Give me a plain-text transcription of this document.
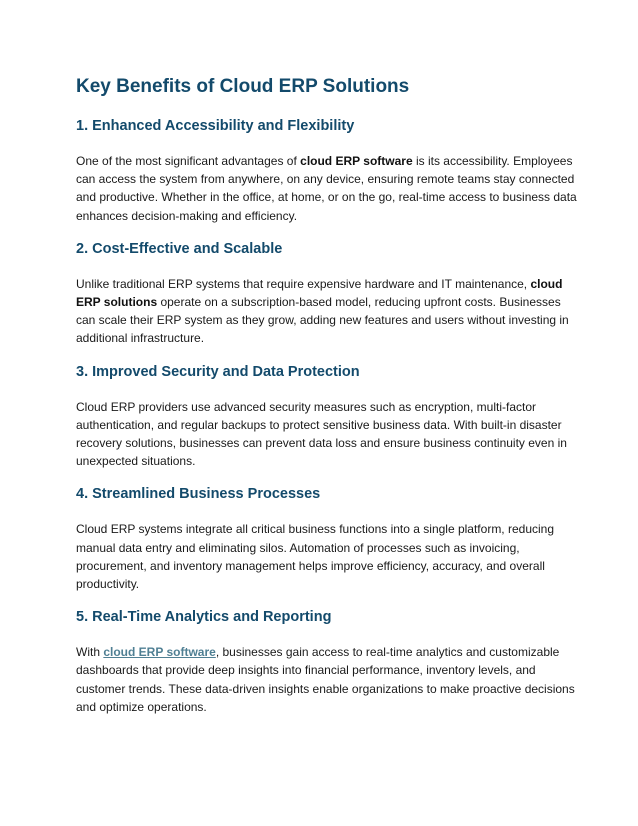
Key Benefits of Cloud ERP Solutions
1. Enhanced Accessibility and Flexibility

One of the most significant advantages of cloud ERP software is its accessibility. Employees can access the system from anywhere, on any device, ensuring remote teams stay connected and productive. Whether in the office, at home, or on the go, real-time access to business data enhances decision-making and efficiency.

2. Cost-Effective and Scalable

Unlike traditional ERP systems that require expensive hardware and IT maintenance, cloud ERP solutions operate on a subscription-based model, reducing upfront costs. Businesses can scale their ERP system as they grow, adding new features and users without investing in additional infrastructure.

3. Improved Security and Data Protection

Cloud ERP providers use advanced security measures such as encryption, multi-factor authentication, and regular backups to protect sensitive business data. With built-in disaster recovery solutions, businesses can prevent data loss and ensure business continuity even in unexpected situations.

4. Streamlined Business Processes

Cloud ERP systems integrate all critical business functions into a single platform, reducing manual data entry and eliminating silos. Automation of processes such as invoicing, procurement, and inventory management helps improve efficiency, accuracy, and overall productivity.

5. Real-Time Analytics and Reporting

With cloud ERP software, businesses gain access to real-time analytics and customizable dashboards that provide deep insights into financial performance, inventory levels, and customer trends. These data-driven insights enable organizations to make proactive decisions and optimize operations.
